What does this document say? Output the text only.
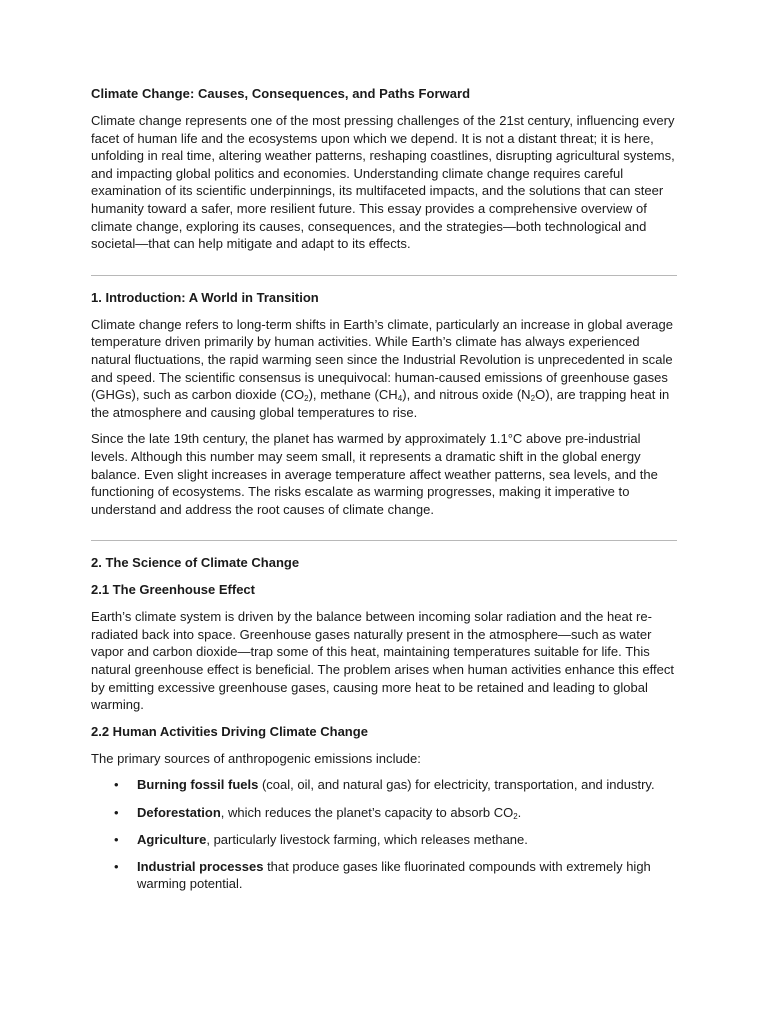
Climate Change: Causes, Consequences, and Paths Forward

Climate change represents one of the most pressing challenges of the 21st century, influencing every facet of human life and the ecosystems upon which we depend. It is not a distant threat; it is here, unfolding in real time, altering weather patterns, reshaping coastlines, disrupting agricultural systems, and impacting global politics and economies. Understanding climate change requires careful examination of its scientific underpinnings, its multifaceted impacts, and the solutions that can steer humanity toward a safer, more resilient future. This essay provides a comprehensive overview of climate change, exploring its causes, consequences, and the strategies—both technological and societal—that can help mitigate and adapt to its effects.

1. Introduction: A World in Transition

Climate change refers to long-term shifts in Earth’s climate, particularly an increase in global average temperature driven primarily by human activities. While Earth’s climate has always experienced natural fluctuations, the rapid warming seen since the Industrial Revolution is unprecedented in scale and speed. The scientific consensus is unequivocal: human-caused emissions of greenhouse gases (GHGs), such as carbon dioxide $(CO_2)$, methane $(CH_4)$, and nitrous oxide $(N_2O)$, are trapping heat in the atmosphere and causing global temperatures to rise.

Since the late 19th century, the planet has warmed by approximately 1.1°C above pre-industrial levels. Although this number may seem small, it represents a dramatic shift in the global energy balance. Even slight increases in average temperature affect weather patterns, sea levels, and the functioning of ecosystems. The risks escalate as warming progresses, making it imperative to understand and address the root causes of climate change.

2. The Science of Climate Change
2.1 The Greenhouse Effect

Earth’s climate system is driven by the balance between incoming solar radiation and the heat re-radiated back into space. Greenhouse gases naturally present in the atmosphere—such as water vapor and carbon dioxide—trap some of this heat, maintaining temperatures suitable for life. This natural greenhouse effect is beneficial. The problem arises when human activities enhance this effect by emitting excessive greenhouse gases, causing more heat to be retained and leading to global warming.

2.2 Human Activities Driving Climate Change

The primary sources of anthropogenic emissions include:

• Burning fossil fuels (coal, oil, and natural gas) for electricity, transportation, and industry.
• Deforestation, which reduces the planet’s capacity to absorb $CO_2$.
• Agriculture, particularly livestock farming, which releases methane.
• Industrial processes that produce gases like fluorinated compounds with extremely high warming potential.
